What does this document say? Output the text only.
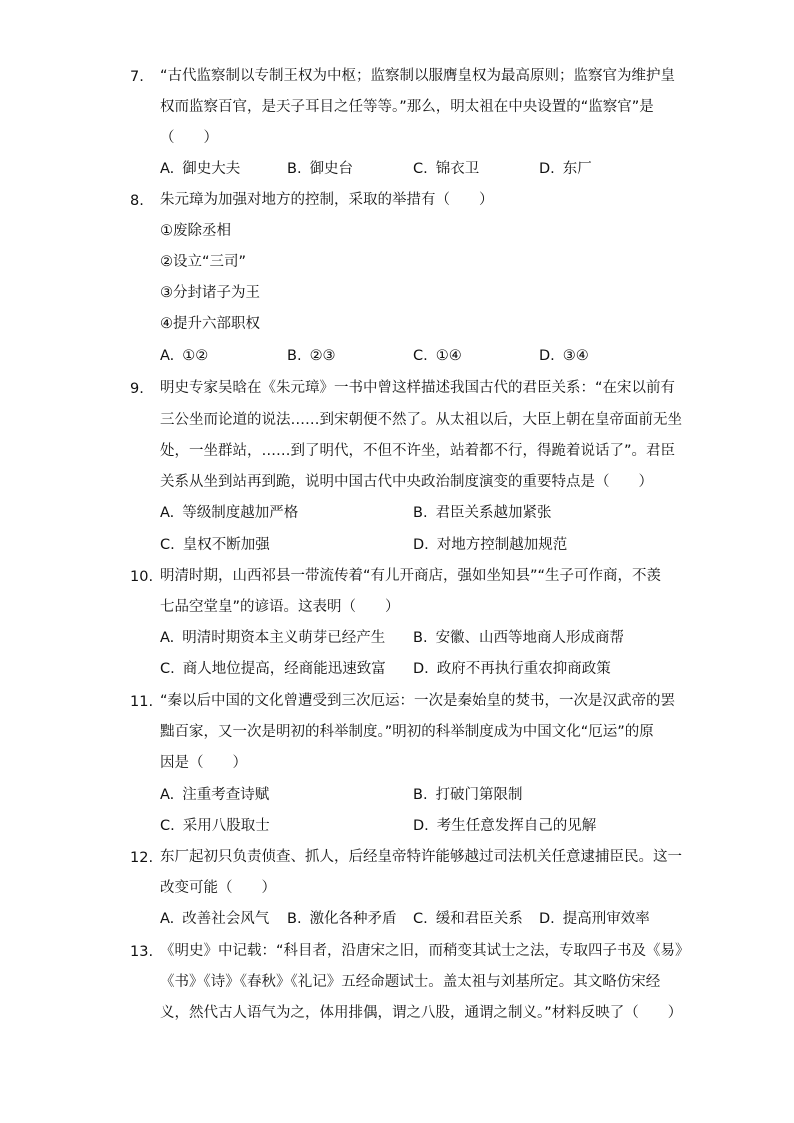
7.	“古代监察制以专制王权为中枢；监察制以服膺皇权为最高原则；监察官为维护皇
权而监察百官，是天子耳目之任等等。”那么，明太祖在中央设置的“监察官”是
（　　）
A. 御史大夫	B. 御史台	C. 锦衣卫	D. 东厂
8.	朱元璋为加强对地方的控制，采取的举措有（　　）
①废除丞相
②设立“三司”
③分封诸子为王
④提升六部职权
A. ①②	B. ②③	C. ①④	D. ③④
9.	明史专家吴晗在《朱元璋》一书中曾这样描述我国古代的君臣关系：“在宋以前有
三公坐而论道的说法……到宋朝便不然了。从太祖以后，大臣上朝在皇帝面前无坐
处，一坐群站，……到了明代，不但不许坐，站着都不行，得跪着说话了”。君臣
关系从坐到站再到跪，说明中国古代中央政治制度演变的重要特点是（　　）
A. 等级制度越加严格	B. 君臣关系越加紧张
C. 皇权不断加强	D. 对地方控制越加规范
10. 明清时期，山西祁县一带流传着“有儿开商店，强如坐知县”“生子可作商，不羡
七品空堂皇”的谚语。这表明（　　）
A. 明清时期资本主义萌芽已经产生 B. 安徽、山西等地商人形成商帮
C. 商人地位提高，经商能迅速致富 D. 政府不再执行重农抑商政策
11. “秦以后中国的文化曾遭受到三次厄运：一次是秦始皇的焚书，一次是汉武帝的罢
黜百家，又一次是明初的科举制度。”明初的科举制度成为中国文化“厄运”的原
因是（　　）
A. 注重考查诗赋	B. 打破门第限制
C. 采用八股取士	D. 考生任意发挥自己的见解
12. 东厂起初只负责侦查、抓人，后经皇帝特许能够越过司法机关任意逮捕臣民。这一
改变可能（　　）
A. 改善社会风气 B. 激化各种矛盾 C. 缓和君臣关系 D. 提高刑审效率
13. 《明史》中记载：“科目者，沿唐宋之旧，而稍变其试士之法，专取四子书及《易》
《书》《诗》《春秋》《礼记》五经命题试士。盖太祖与刘基所定。其文略仿宋经
义，然代古人语气为之，体用排偶，谓之八股，通谓之制义。”材料反映了（　　）
